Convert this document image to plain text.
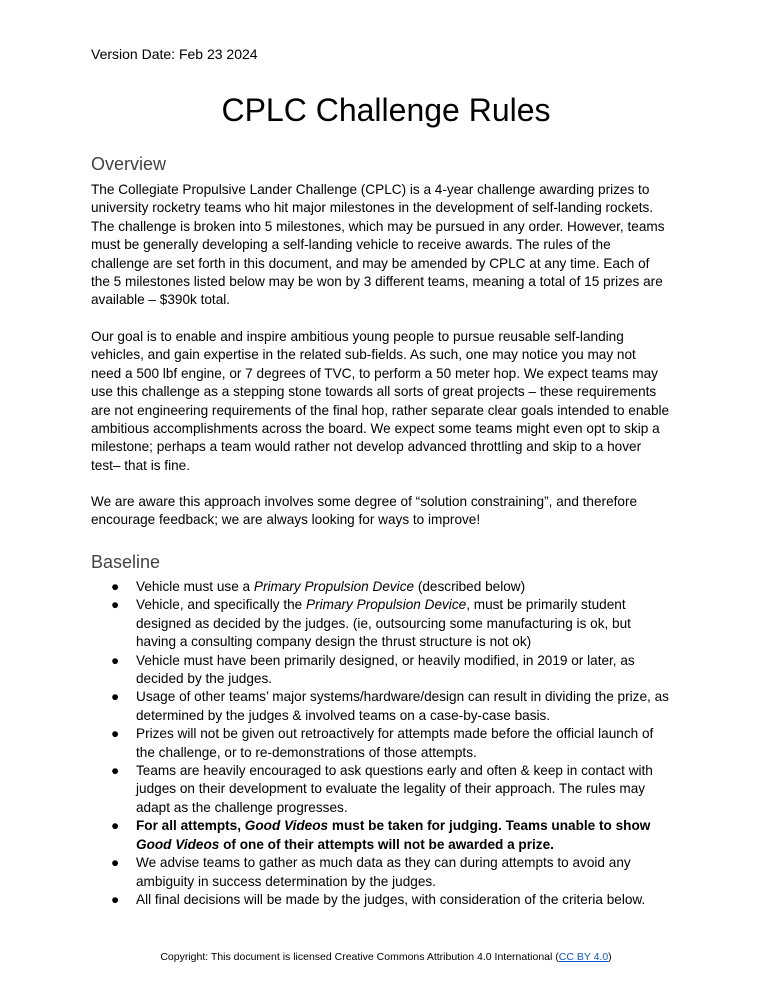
Version Date: Feb 23 2024
CPLC Challenge Rules
Overview

The Collegiate Propulsive Lander Challenge (CPLC) is a 4-year challenge awarding prizes to

university rocketry teams who hit major milestones in the development of self-landing rockets.

The challenge is broken into 5 milestones, which may be pursued in any order. However, teams

must be generally developing a self-landing vehicle to receive awards. The rules of the

challenge are set forth in this document, and may be amended by CPLC at any time. Each of

the 5 milestones listed below may be won by 3 different teams, meaning a total of 15 prizes are

available – $390k total.

Our goal is to enable and inspire ambitious young people to pursue reusable self-landing

vehicles, and gain expertise in the related sub-fields. As such, one may notice you may not

need a 500 lbf engine, or 7 degrees of TVC, to perform a 50 meter hop. We expect teams may

use this challenge as a stepping stone towards all sorts of great projects – these requirements

are not engineering requirements of the final hop, rather separate clear goals intended to enable

ambitious accomplishments across the board. We expect some teams might even opt to skip a

milestone; perhaps a team would rather not develop advanced throttling and skip to a hover

test– that is fine.

We are aware this approach involves some degree of “solution constraining”, and therefore

encourage feedback; we are always looking for ways to improve!

Baseline
● Vehicle must use a Primary Propulsion Device (described below)
● Vehicle, and specifically the Primary Propulsion Device, must be primarily student
designed as decided by the judges. (ie, outsourcing some manufacturing is ok, but
having a consulting company design the thrust structure is not ok)
● Vehicle must have been primarily designed, or heavily modified, in 2019 or later, as
decided by the judges.
● Usage of other teams’ major systems/hardware/design can result in dividing the prize, as
determined by the judges & involved teams on a case-by-case basis.
● Prizes will not be given out retroactively for attempts made before the official launch of
the challenge, or to re-demonstrations of those attempts.
● Teams are heavily encouraged to ask questions early and often & keep in contact with
judges on their development to evaluate the legality of their approach. The rules may
adapt as the challenge progresses.
● For all attempts, Good Videos must be taken for judging. Teams unable to show
Good Videos of one of their attempts will not be awarded a prize.
● We advise teams to gather as much data as they can during attempts to avoid any
ambiguity in success determination by the judges.
● All final decisions will be made by the judges, with consideration of the criteria below.
Copyright: This document is licensed Creative Commons Attribution 4.0 International (CC BY 4.0)
